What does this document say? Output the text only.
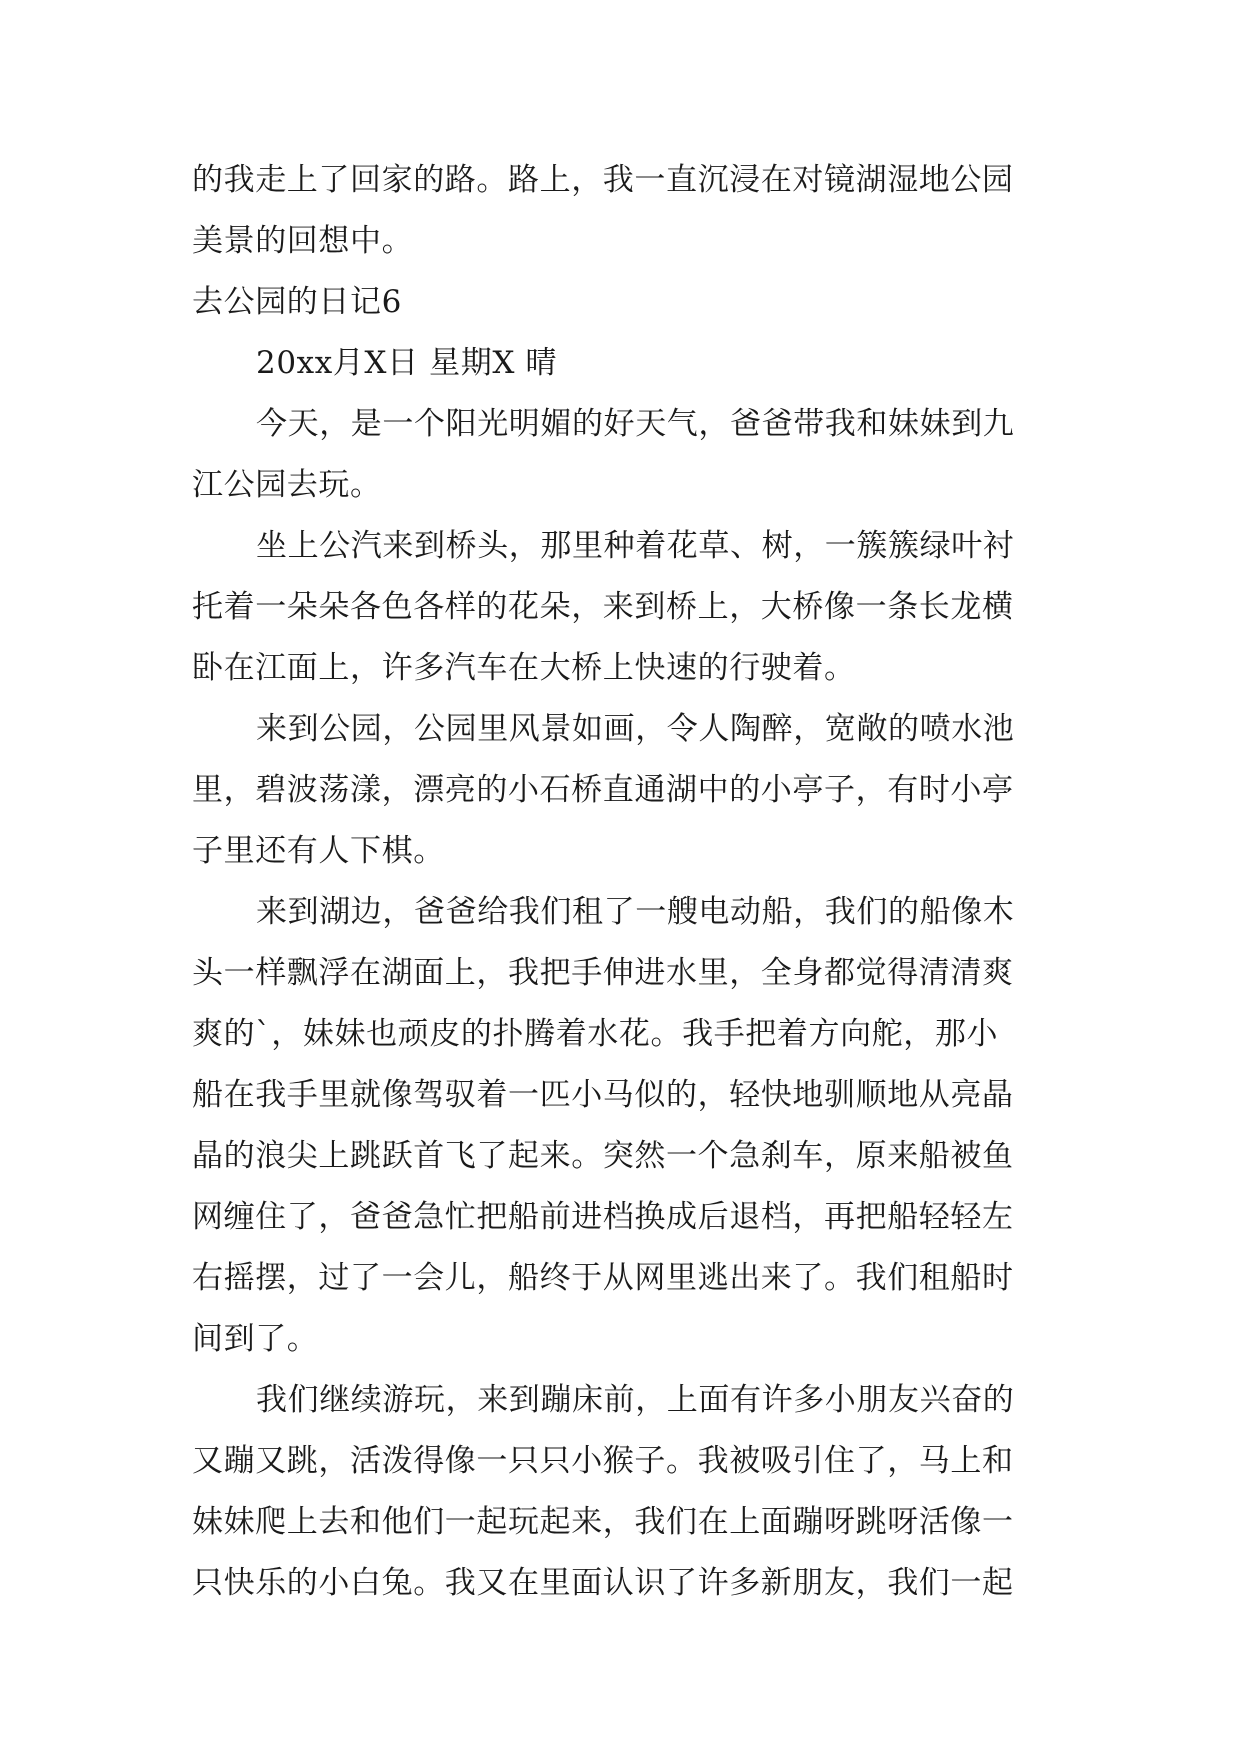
的我走上了回家的路。路上，我一直沉浸在对镜湖湿地公园
美景的回想中。
去公园的日记6
20xx月X日 星期X 晴
今天，是一个阳光明媚的好天气，爸爸带我和妹妹到九
江公园去玩。
坐上公汽来到桥头，那里种着花草、树，一簇簇绿叶衬
托着一朵朵各色各样的花朵，来到桥上，大桥像一条长龙横
卧在江面上，许多汽车在大桥上快速的行驶着。
来到公园，公园里风景如画，令人陶醉，宽敞的喷水池
里，碧波荡漾，漂亮的小石桥直通湖中的小亭子，有时小亭
子里还有人下棋。
来到湖边，爸爸给我们租了一艘电动船，我们的船像木
头一样飘浮在湖面上，我把手伸进水里，全身都觉得清清爽
爽的`，妹妹也顽皮的扑腾着水花。我手把着方向舵，那小
船在我手里就像驾驭着一匹小马似的，轻快地驯顺地从亮晶
晶的浪尖上跳跃首飞了起来。突然一个急刹车，原来船被鱼
网缠住了，爸爸急忙把船前进档换成后退档，再把船轻轻左
右摇摆，过了一会儿，船终于从网里逃出来了。我们租船时
间到了。
我们继续游玩，来到蹦床前，上面有许多小朋友兴奋的
又蹦又跳，活泼得像一只只小猴子。我被吸引住了，马上和
妹妹爬上去和他们一起玩起来，我们在上面蹦呀跳呀活像一
只快乐的小白兔。我又在里面认识了许多新朋友，我们一起
